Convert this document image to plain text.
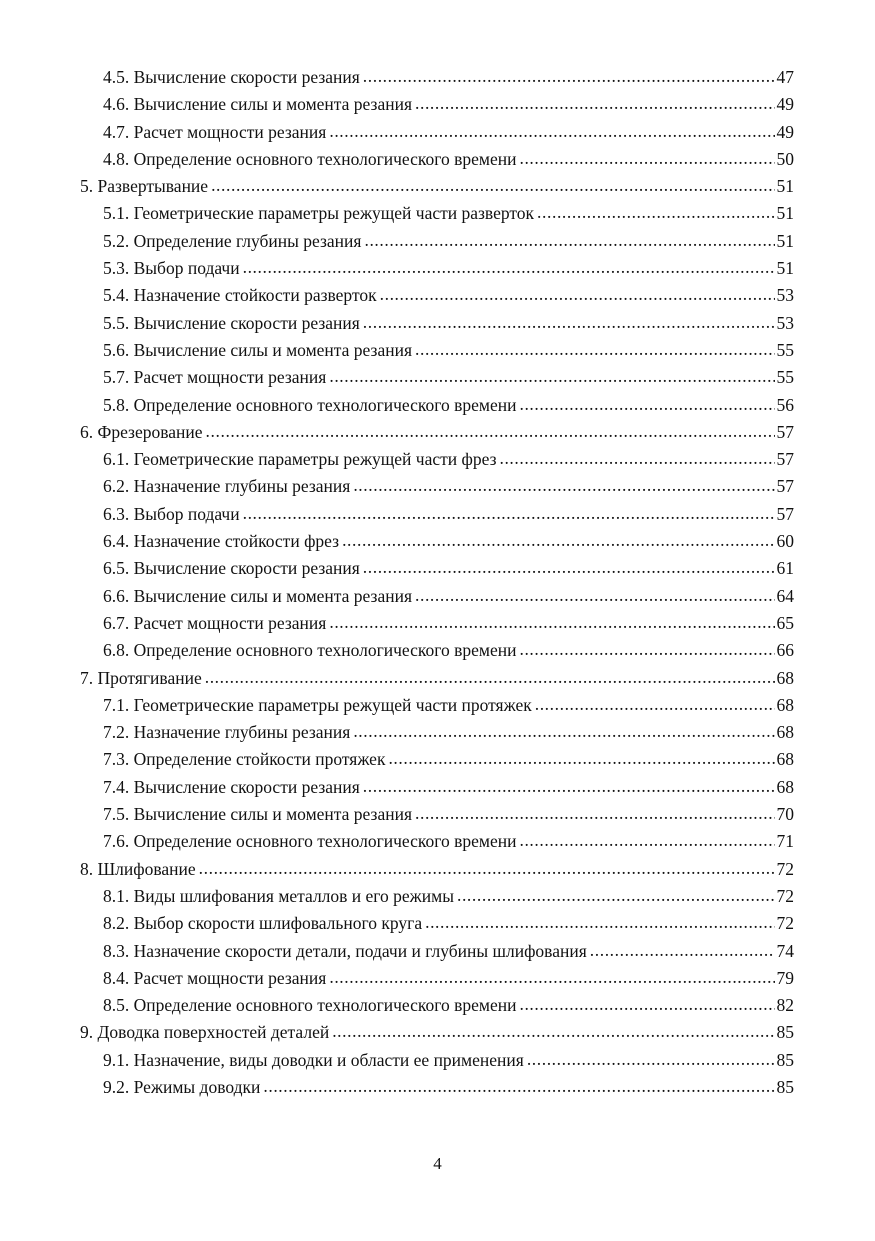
4.5. Вычисление скорости резания .....	47
4.6. Вычисление силы и момента резания .....	49
4.7. Расчет мощности резания .....	49
4.8. Определение основного технологического времени .....	50
5. Развертывание .....	51
5.1. Геометрические параметры режущей части разверток .....	51
5.2. Определение глубины резания .....	51
5.3. Выбор подачи .....	51
5.4. Назначение стойкости разверток .....	53
5.5. Вычисление скорости резания .....	53
5.6. Вычисление силы и момента резания .....	55
5.7. Расчет мощности резания .....	55
5.8. Определение основного технологического времени .....	56
6. Фрезерование .....	57
6.1. Геометрические параметры режущей части фрез .....	57
6.2. Назначение глубины резания .....	57
6.3. Выбор подачи .....	57
6.4. Назначение стойкости фрез .....	60
6.5. Вычисление скорости резания .....	61
6.6. Вычисление силы и момента резания .....	64
6.7. Расчет мощности резания .....	65
6.8. Определение основного технологического времени .....	66
7. Протягивание .....	68
7.1. Геометрические параметры режущей части протяжек .....	68
7.2. Назначение глубины резания .....	68
7.3. Определение стойкости протяжек .....	68
7.4. Вычисление скорости резания .....	68
7.5. Вычисление силы и момента резания .....	70
7.6. Определение основного технологического времени .....	71
8. Шлифование .....	72
8.1. Виды шлифования металлов и его режимы .....	72
8.2. Выбор скорости шлифовального круга .....	72
8.3. Назначение скорости детали, подачи и глубины шлифования .....	74
8.4. Расчет мощности резания .....	79
8.5. Определение основного технологического времени .....	82
9. Доводка поверхностей деталей .....	85
9.1. Назначение, виды доводки и области ее применения .....	85
9.2. Режимы доводки .....	85
4
